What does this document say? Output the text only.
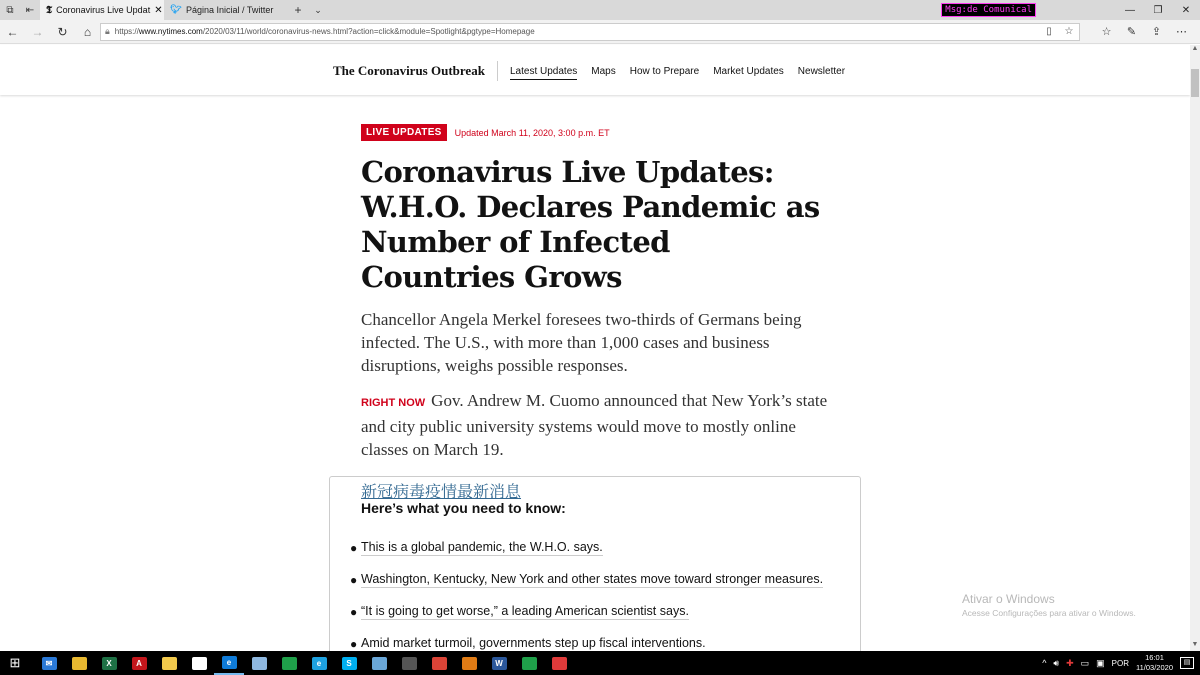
⧉	⇤	𝕿 Coronavirus Live Updat ✕ 🐦︎ Página Inicial / Twitter	+	⌄	Msg:de Comunical	—	❐	✕
←	→	↻	⌂	🔒︎ https://www.nytimes.com/2020/03/11/world/coronavirus-news.html?action=click&module=Spotlight&pgtype=Homepage	▯	☆	☆	✎	⇪	⋯
The Coronavirus Outbreak	Latest Updates Maps How to Prepare Market Updates Newsletter
▲
▼
LIVE UPDATES	Updated March 11, 2020, 3:00 p.m. ET
Coronavirus Live Updates: W.H.O. Declares Pandemic as Number of Infected Countries Grows

Chancellor Angela Merkel foresees two-thirds of Germans being infected. The U.S., with more than 1,000 cases and business disruptions, weighs possible responses.

RIGHT NOW Gov. Andrew M. Cuomo announced that New York’s state and city public university systems would move to mostly online classes on March 19.

新冠病毒疫情最新消息
Here’s what you need to know:
● This is a global pandemic, the W.H.O. says.
● Washington, Kentucky, New York and other states move toward stronger measures.
● “It is going to get worse,” a leading American scientist says.
● Amid market turmoil, governments step up fiscal interventions.
Ativar o Windows
Acesse Configurações para ativar o Windows.
⊞	✉	X	A	e	e	S	W	^ 🔊︎ ✚ ▭ ▣ POR
16:01
11/03/2020
▤
